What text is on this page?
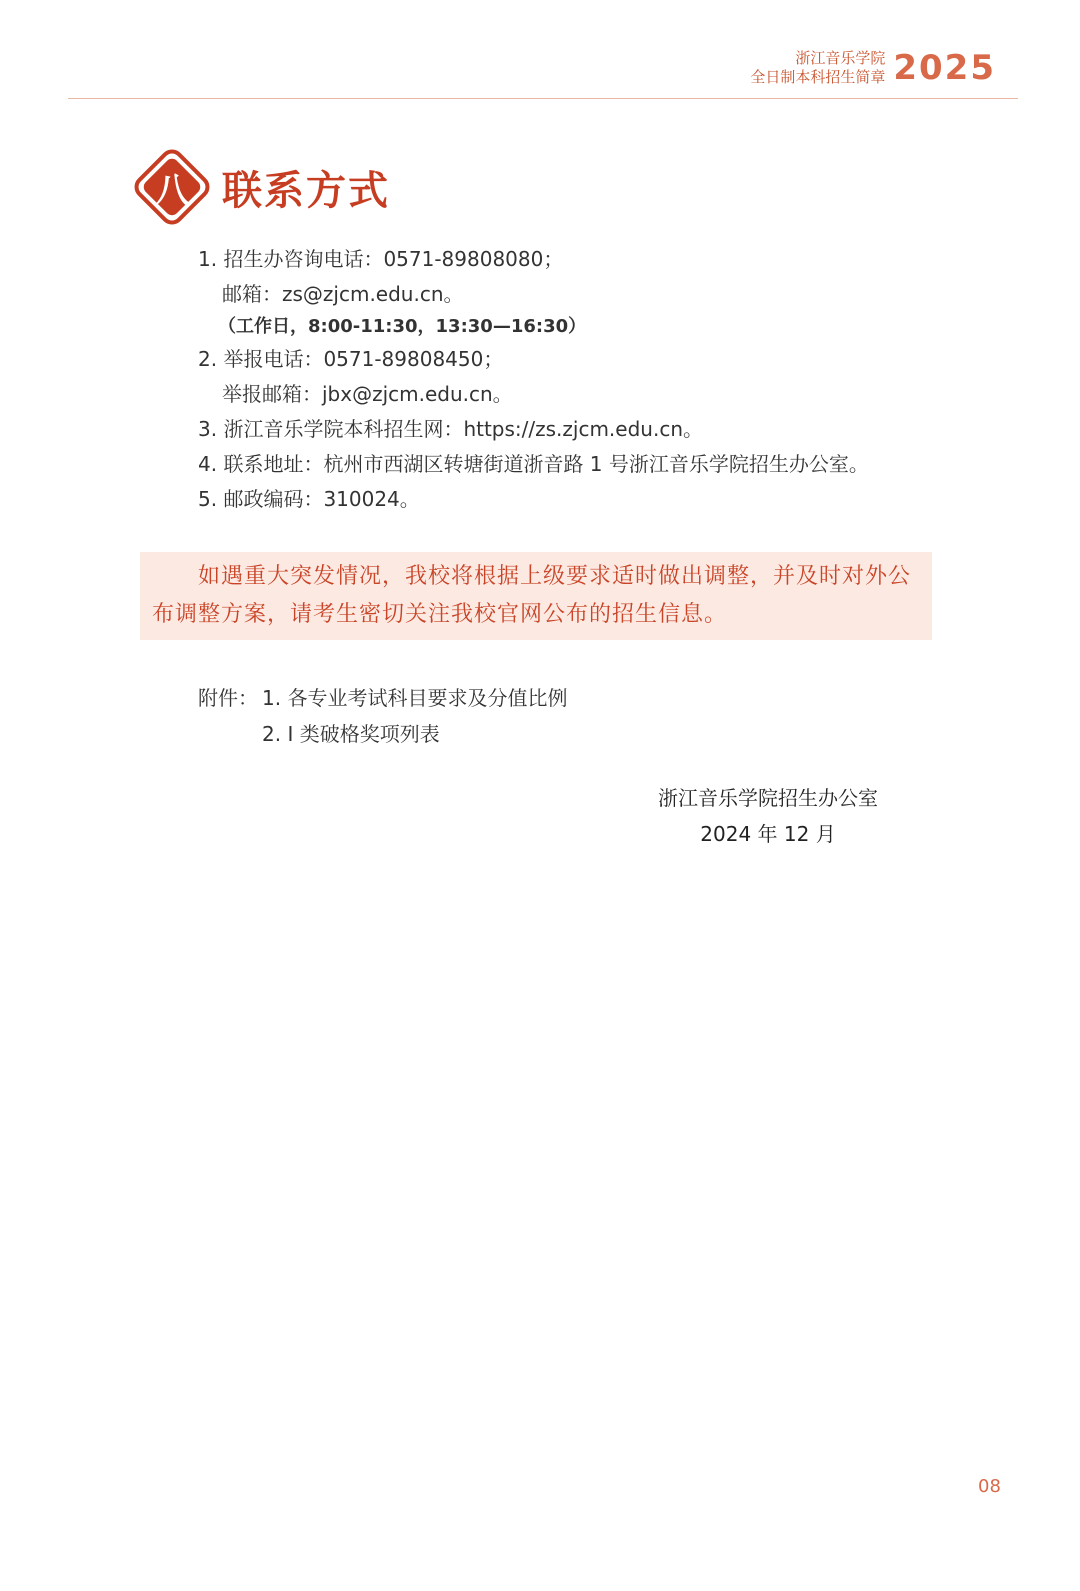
浙江音乐学院
全日制本科招生简章 2025
八 联系方式
1. 招生办咨询电话：0571-89808080；
邮箱：zs@zjcm.edu.cn。
（工作日，8:00-11:30，13:30—16:30）
2. 举报电话：0571-89808450；
举报邮箱：jbx@zjcm.edu.cn。
3. 浙江音乐学院本科招生网：https://zs.zjcm.edu.cn。
4. 联系地址：杭州市西湖区转塘街道浙音路 1 号浙江音乐学院招生办公室。
5. 邮政编码：310024。
如遇重大突发情况，我校将根据上级要求适时做出调整，并及时对外公布调整方案，请考生密切关注我校官网公布的招生信息。
附件： 1. 各专业考试科目要求及分值比例
2. I 类破格奖项列表
浙江音乐学院招生办公室
2024 年 12 月
08
